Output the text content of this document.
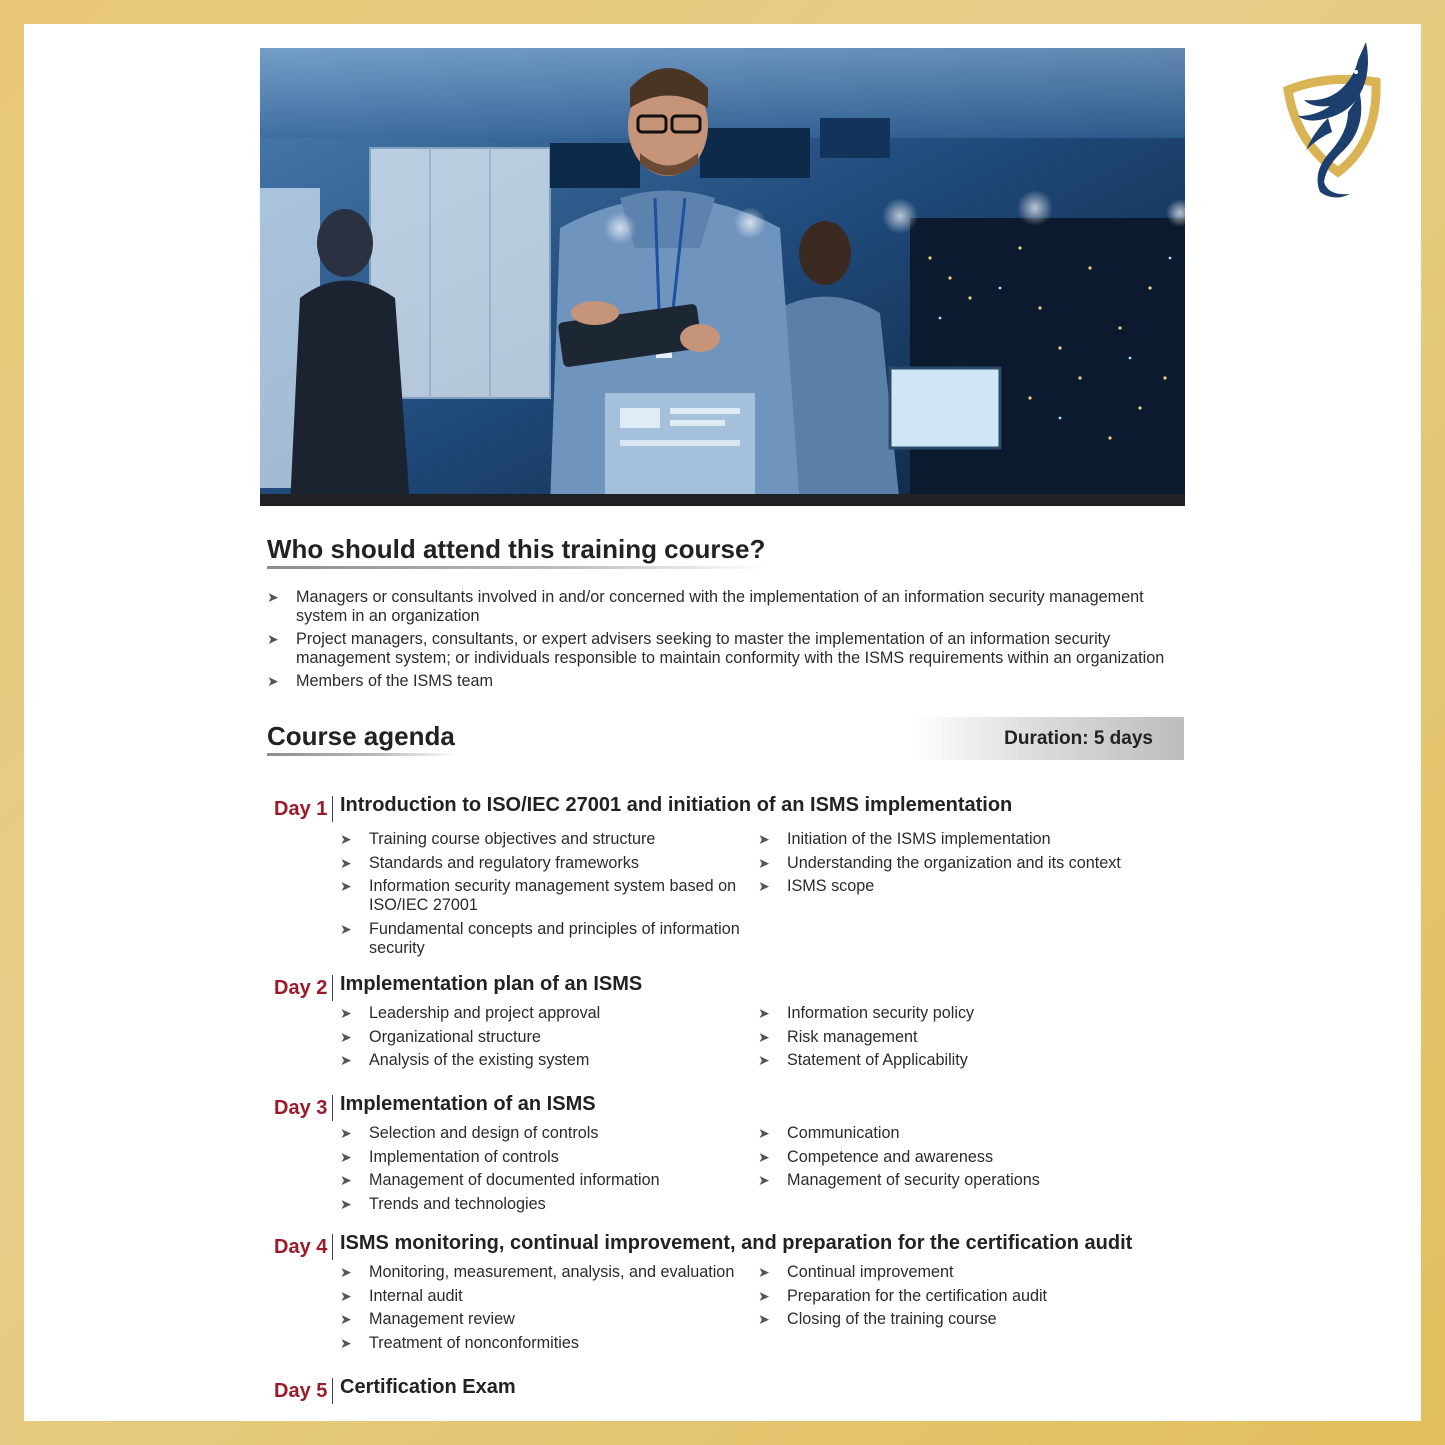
Who should attend this training course?
➤ Managers or consultants involved in and/or concerned with the implementation of an information security management system in an organization
➤ Project managers, consultants, or expert advisers seeking to master the implementation of an information security management system; or individuals responsible to maintain conformity with the ISMS requirements within an organization
➤ Members of the ISMS team
Course agenda	Duration: 5 days
Day 1 Introduction to ISO/IEC 27001 and initiation of an ISMS implementation
➤ Training course objectives and structure
➤ Standards and regulatory frameworks
➤ Information security management system based on ISO/IEC 27001
➤ Fundamental concepts and principles of information security
➤ Initiation of the ISMS implementation
➤ Understanding the organization and its context
➤ ISMS scope
Day 2 Implementation plan of an ISMS
➤ Leadership and project approval
➤ Organizational structure
➤ Analysis of the existing system
➤ Information security policy
➤ Risk management
➤ Statement of Applicability
Day 3 Implementation of an ISMS
➤ Selection and design of controls
➤ Implementation of controls
➤ Management of documented information
➤ Trends and technologies
➤ Communication
➤ Competence and awareness
➤ Management of security operations
Day 4 ISMS monitoring, continual improvement, and preparation for the certification audit
➤ Monitoring, measurement, analysis, and evaluation
➤ Internal audit
➤ Management review
➤ Treatment of nonconformities
➤ Continual improvement
➤ Preparation for the certification audit
➤ Closing of the training course
Day 5 Certification Exam
